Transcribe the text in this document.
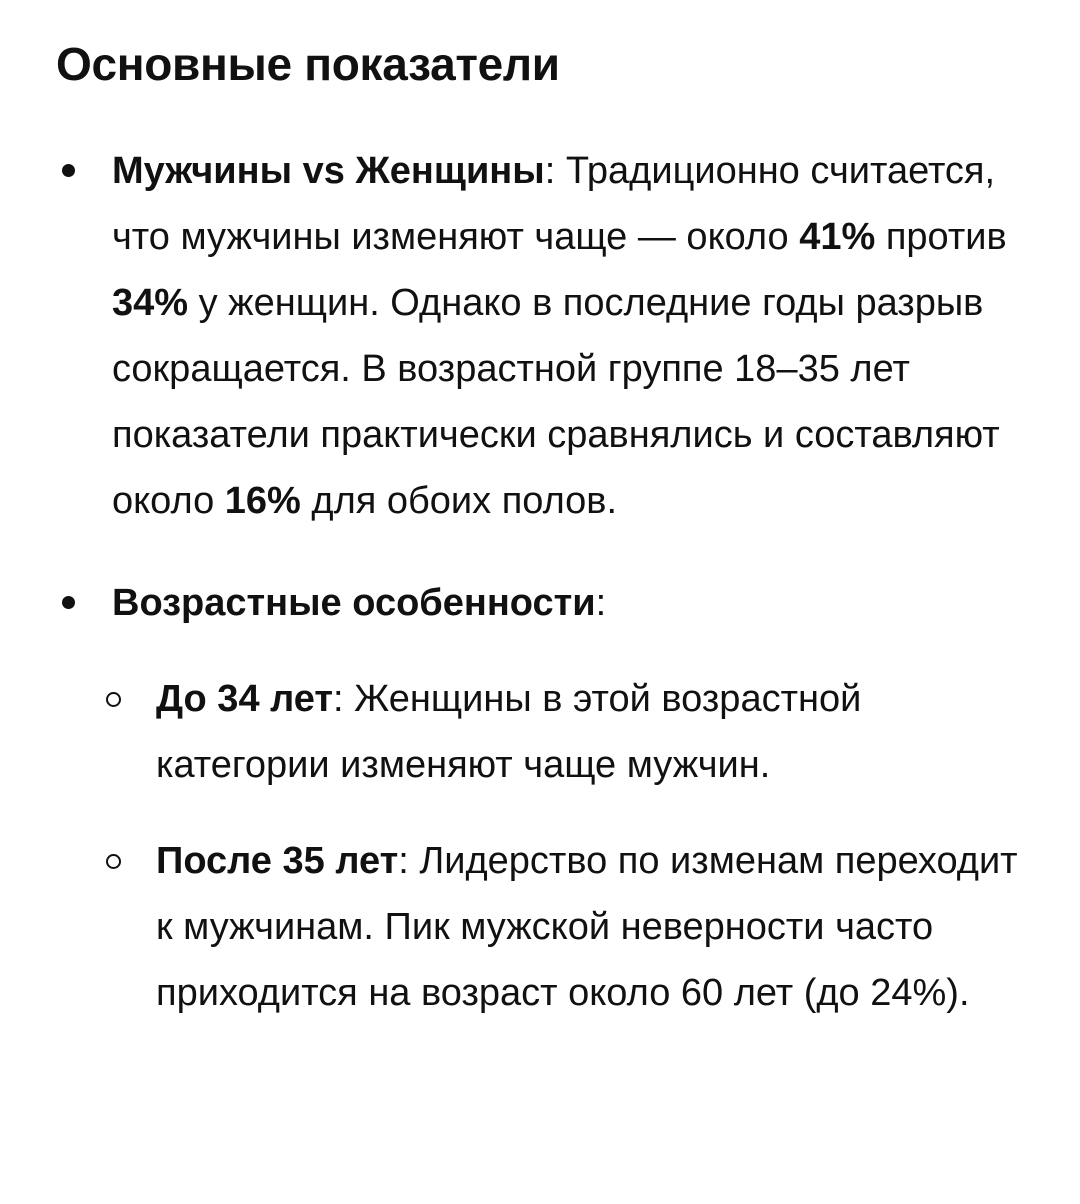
Основные показатели

Мужчины vs Женщины: Традиционно считается, что мужчины изменяют чаще — около 41% против 34% у женщин. Однако в последние годы разрыв сокращается. В возрастной группе 18–35 лет показатели практически сравнялись и составляют около 16% для обоих полов.

Возрастные особенности:

До 34 лет: Женщины в этой возрастной категории изменяют чаще мужчин.

После 35 лет: Лидерство по изменам переходит к мужчинам. Пик мужской неверности часто приходится на возраст около 60 лет (до 24%).
